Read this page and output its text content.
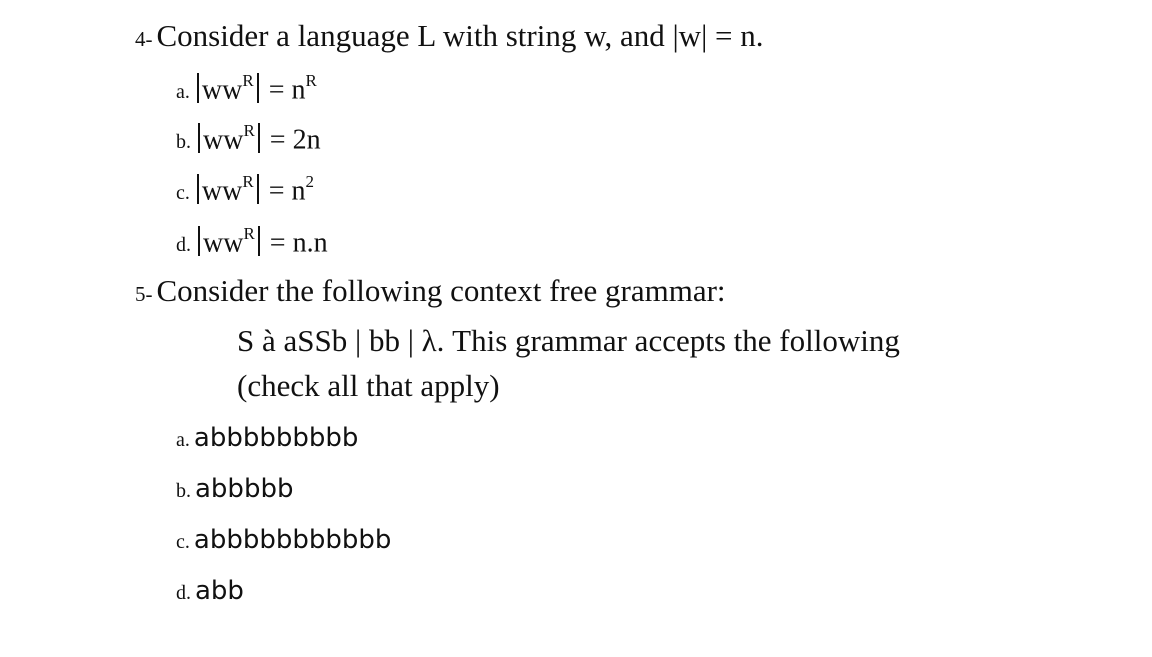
4- Consider a language L with string w, and |w| = n.
a. $ww^R = n^R$
b. $ww^R = 2n$
c. $ww^R = n^2$
d. $ww^R = n.n$
5- Consider the following context free grammar:
S à aSSb | bb | λ. This grammar accepts the following
(check all that apply)
a. abbbbbbbbb
b. abbbbb
c. abbbbbbbbbbb
d. abb
